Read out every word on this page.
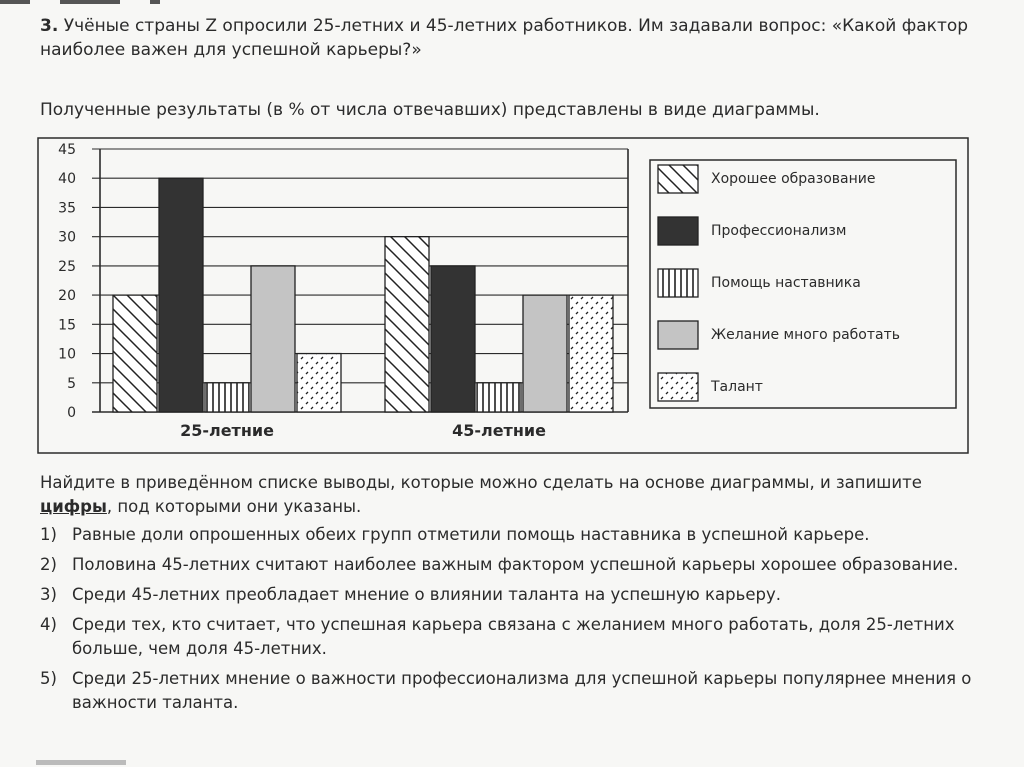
3. Учёные страны Z опросили 25-летних и 45-летних работников. Им задавали вопрос: «Какой фактор наиболее важен для успешной карьеры?»
Полученные результаты (в % от числа отвечавших) представлены в виде диаграммы.
0
5
10
15
20
25
30
35
40
45
25-летние	45-летние
Хорошее образование
Профессионализм
Помощь наставника
Желание много работать
Талант
Найдите в приведённом списке выводы, которые можно сделать на основе диаграммы, и запишите цифры, под которыми они указаны.
1) Равные доли опрошенных обеих групп отметили помощь наставника в успешной карьере.
2) Половина 45-летних считают наиболее важным фактором успешной карьеры хорошее образование.
3) Среди 45-летних преобладает мнение о влиянии таланта на успешную карьеру.
4) Среди тех, кто считает, что успешная карьера связана с желанием много работать, доля 25-летних больше, чем доля 45-летних.
5) Среди 25-летних мнение о важности профессионализма для успешной карьеры популярнее мнения о важности таланта.
